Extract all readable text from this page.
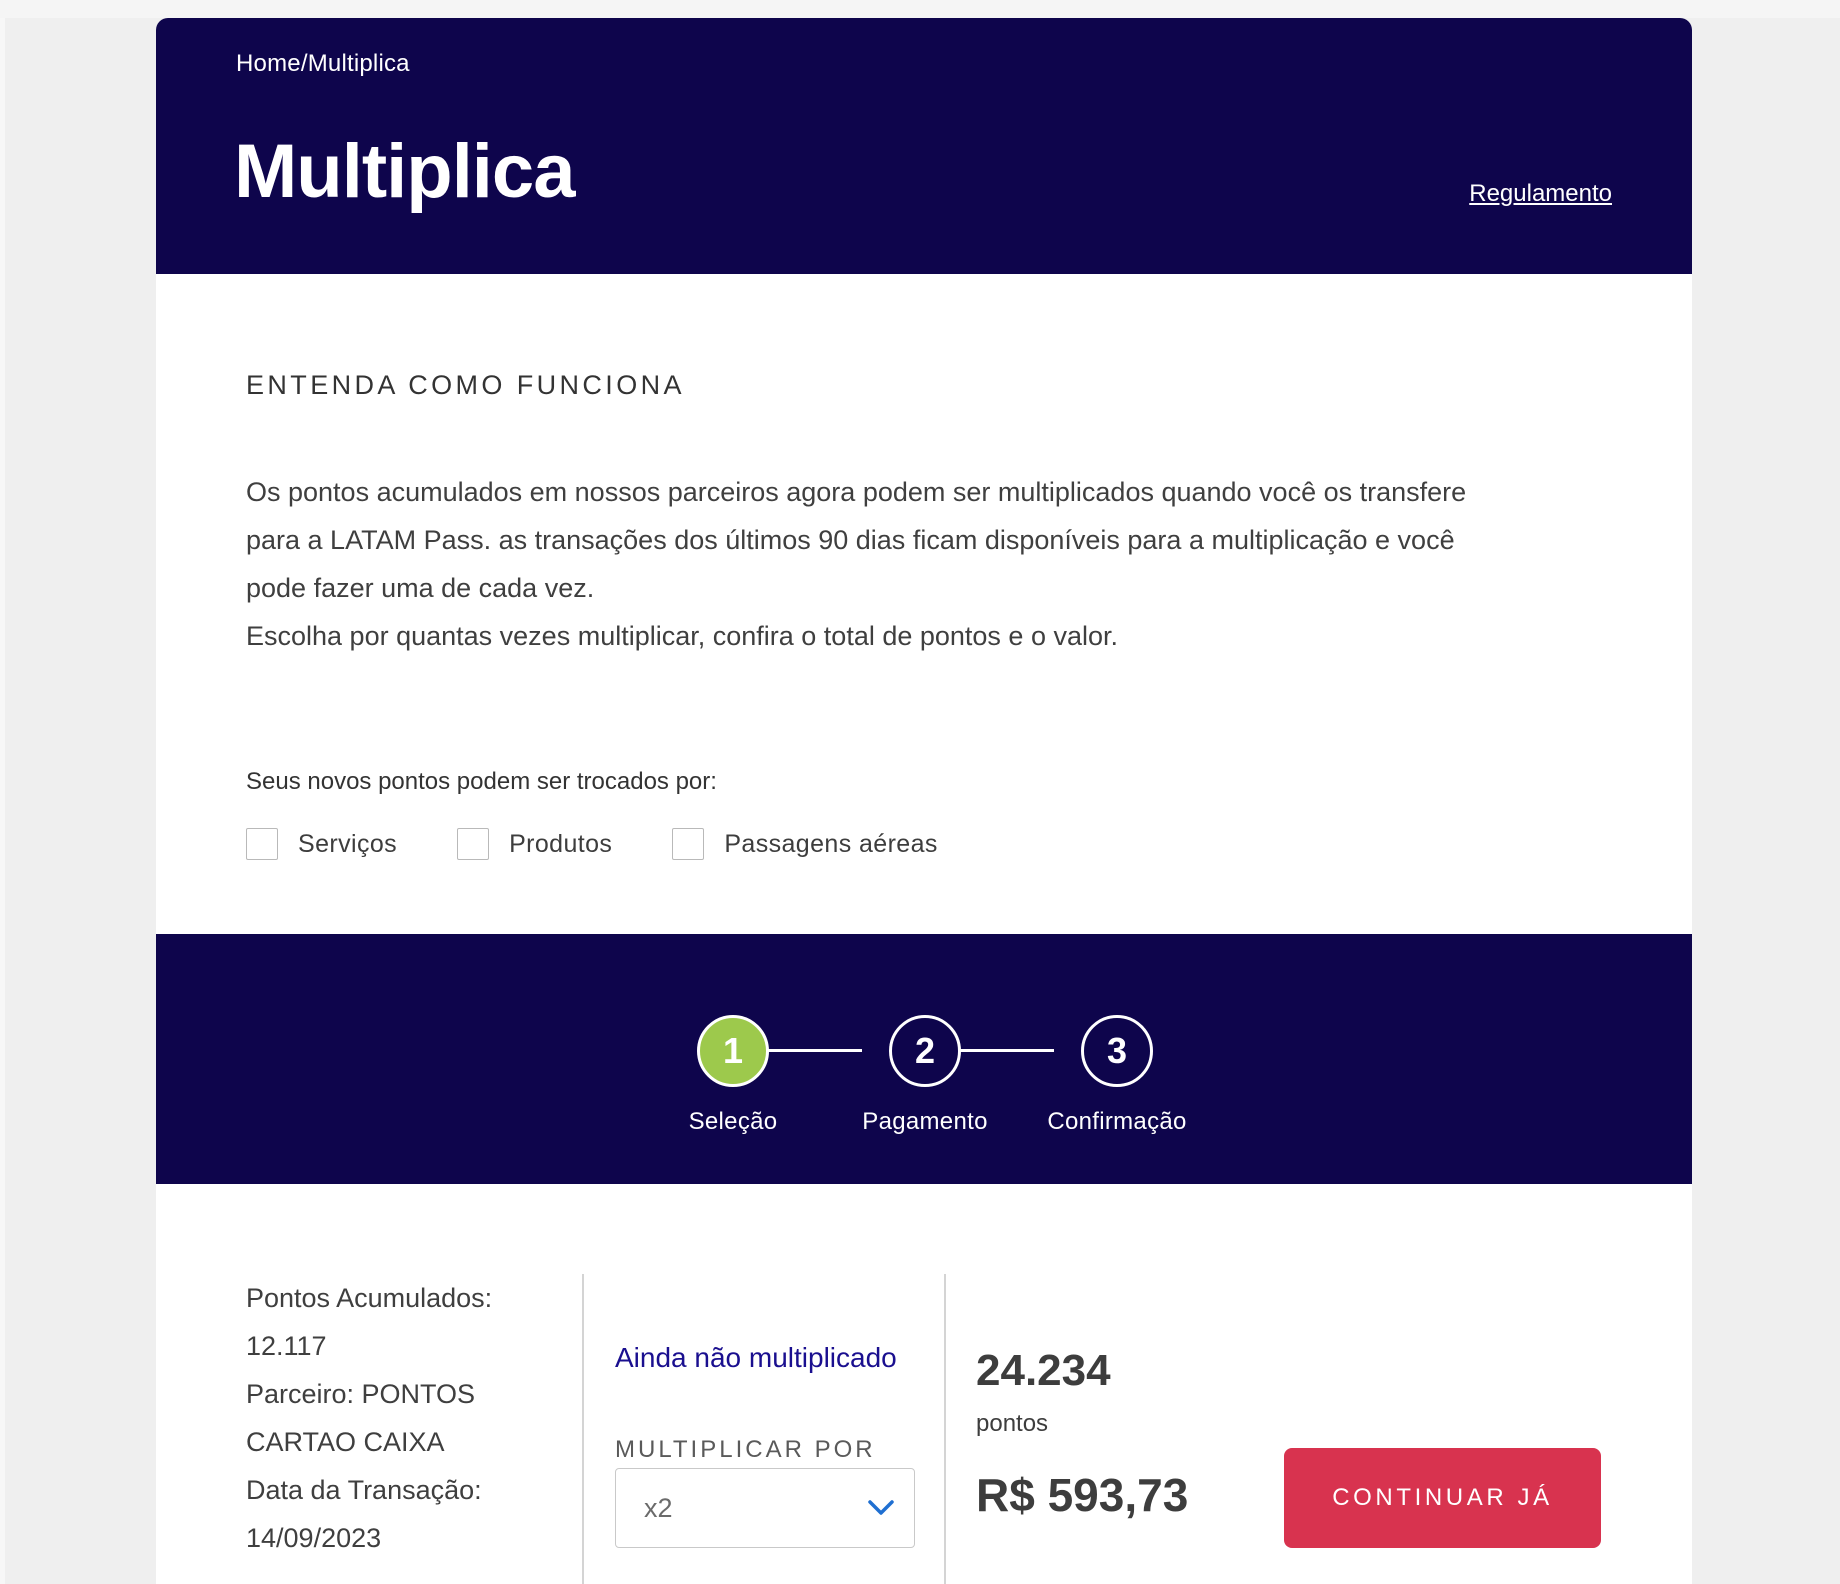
Home/Multiplica
Multiplica	Regulamento
ENTENDA COMO FUNCIONA

Os pontos acumulados em nossos parceiros agora podem ser multiplicados quando você os transfere

para a LATAM Pass. as transações dos últimos 90 dias ficam disponíveis para a multiplicação e você

pode fazer uma de cada vez.

Escolha por quantas vezes multiplicar, confira o total de pontos e o valor.

Seus novos pontos podem ser trocados por:
Serviços	Produtos	Passagens aéreas
1	2	3
Seleção	Pagamento	Confirmação
Pontos Acumulados:
12.117
Parceiro: PONTOS
CARTAO CAIXA
Data da Transação:
14/09/2023
Ainda não multiplicado
MULTIPLICAR POR
x2
24.234
pontos
R$ 593,73	CONTINUAR JÁ
